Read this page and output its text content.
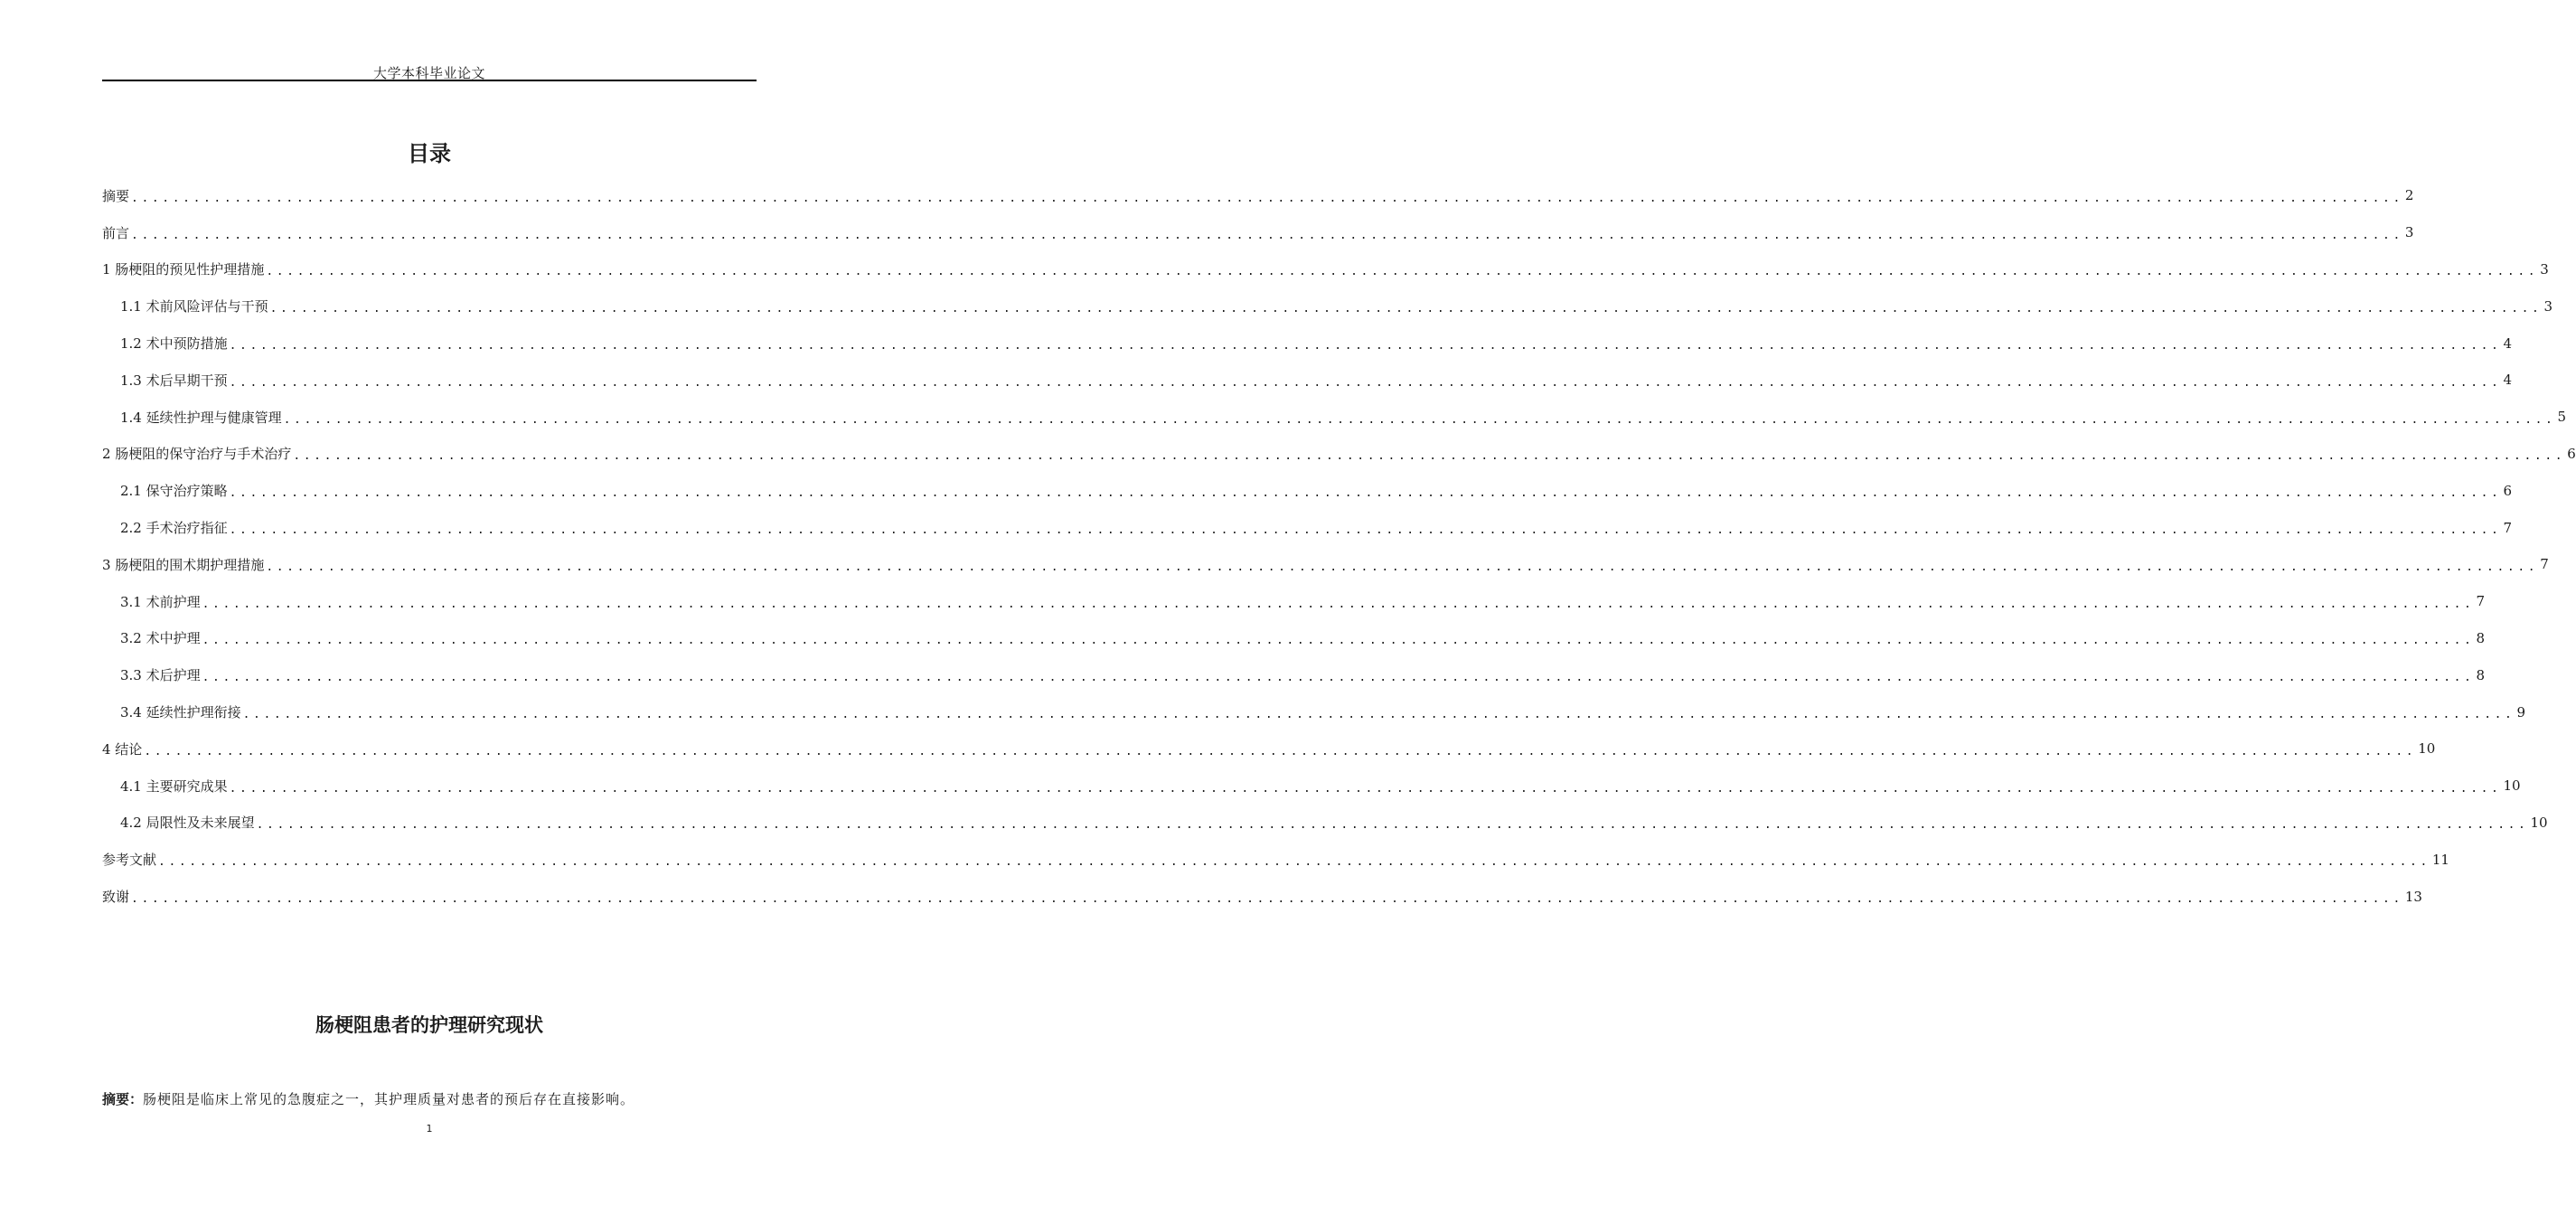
大学本科毕业论文
目录
摘要 ............................................................................................................................................................................................................................ 2
前言 ............................................................................................................................................................................................................................ 3
1 肠梗阻的预见性护理措施 ............................................................................................................................................................................................................................ 3
1.1 术前风险评估与干预 ............................................................................................................................................................................................................................ 3
1.2 术中预防措施 ............................................................................................................................................................................................................................ 4
1.3 术后早期干预 ............................................................................................................................................................................................................................ 4
1.4 延续性护理与健康管理 ............................................................................................................................................................................................................................ 5
2 肠梗阻的保守治疗与手术治疗 ............................................................................................................................................................................................................................ 6
2.1 保守治疗策略 ............................................................................................................................................................................................................................ 6
2.2 手术治疗指征 ............................................................................................................................................................................................................................ 7
3 肠梗阻的围术期护理措施 ............................................................................................................................................................................................................................ 7
3.1 术前护理 ............................................................................................................................................................................................................................ 7
3.2 术中护理 ............................................................................................................................................................................................................................ 8
3.3 术后护理 ............................................................................................................................................................................................................................ 8
3.4 延续性护理衔接 ............................................................................................................................................................................................................................ 9
4 结论 ............................................................................................................................................................................................................................ 10
4.1 主要研究成果 ............................................................................................................................................................................................................................ 10
4.2 局限性及未来展望 ............................................................................................................................................................................................................................ 10
参考文献 ............................................................................................................................................................................................................................ 11
致谢 ............................................................................................................................................................................................................................ 13
肠梗阻患者的护理研究现状
摘要：肠梗阻是临床上常见的急腹症之一，其护理质量对患者的预后存在直接影响。
1
